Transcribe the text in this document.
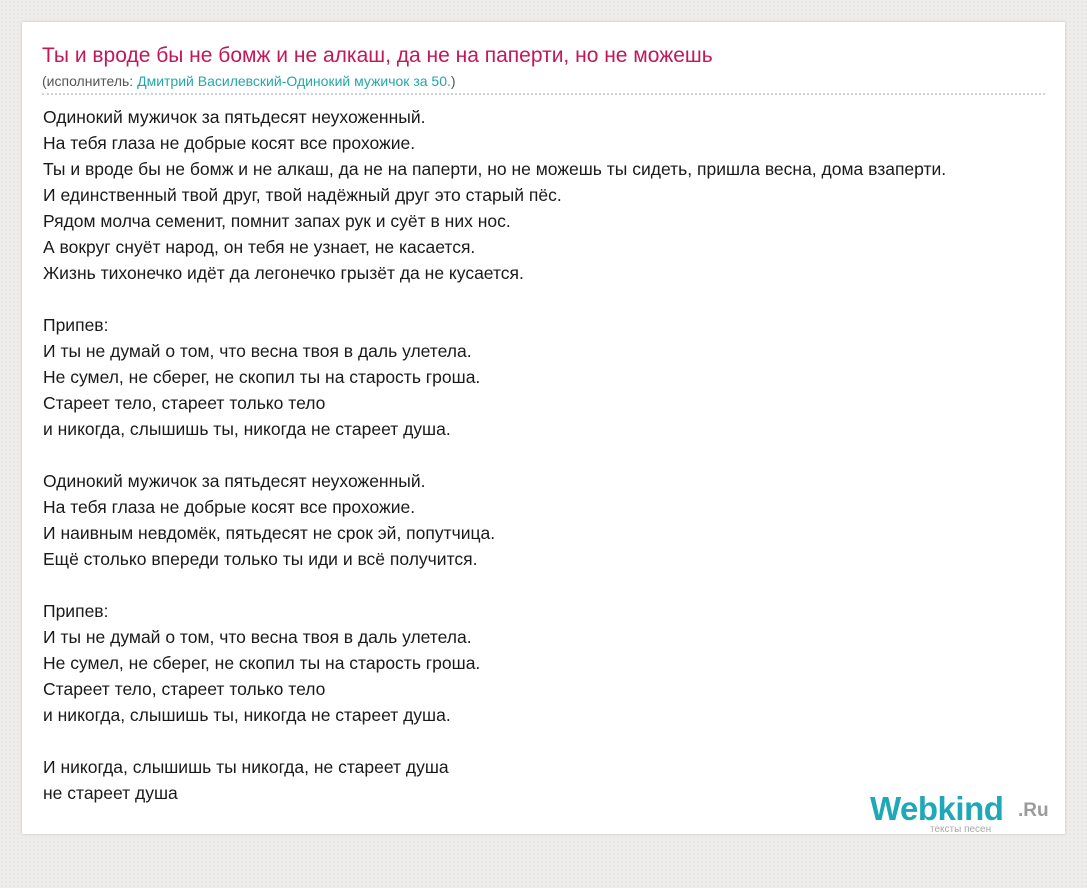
Ты и вроде бы не бомж и не алкаш, да не на паперти, но не можешь
(исполнитель: Дмитрий Василевский-Одинокий мужичок за 50.)
Одинокий мужичок за пятьдесят неухоженный.
На тебя глаза не добрые косят все прохожие.
Ты и вроде бы не бомж и не алкаш, да не на паперти, но не можешь ты сидеть, пришла весна, дома взаперти.
И единственный твой друг, твой надёжный друг это старый пёс.
Рядом молча семенит, помнит запах рук и суёт в них нос.
А вокруг снуёт народ, он тебя не узнает, не касается.
Жизнь тихонечко идёт да легонечко грызёт да не кусается.
Припев:
И ты не думай о том, что весна твоя в даль улетела.
Не сумел, не сберег, не скопил ты на старость гроша.
Стареет тело, стареет только тело
и никогда, слышишь ты, никогда не стареет душа.
Одинокий мужичок за пятьдесят неухоженный.
На тебя глаза не добрые косят все прохожие.
И наивным невдомёк, пятьдесят не срок эй, попутчица.
Ещё столько впереди только ты иди и всё получится.
Припев:
И ты не думай о том, что весна твоя в даль улетела.
Не сумел, не сберег, не скопил ты на старость гроша.
Стареет тело, стареет только тело
и никогда, слышишь ты, никогда не стареет душа.
И никогда, слышишь ты никогда, не стареет душа
не стареет душа	Webkind .Ru
тексты песен
